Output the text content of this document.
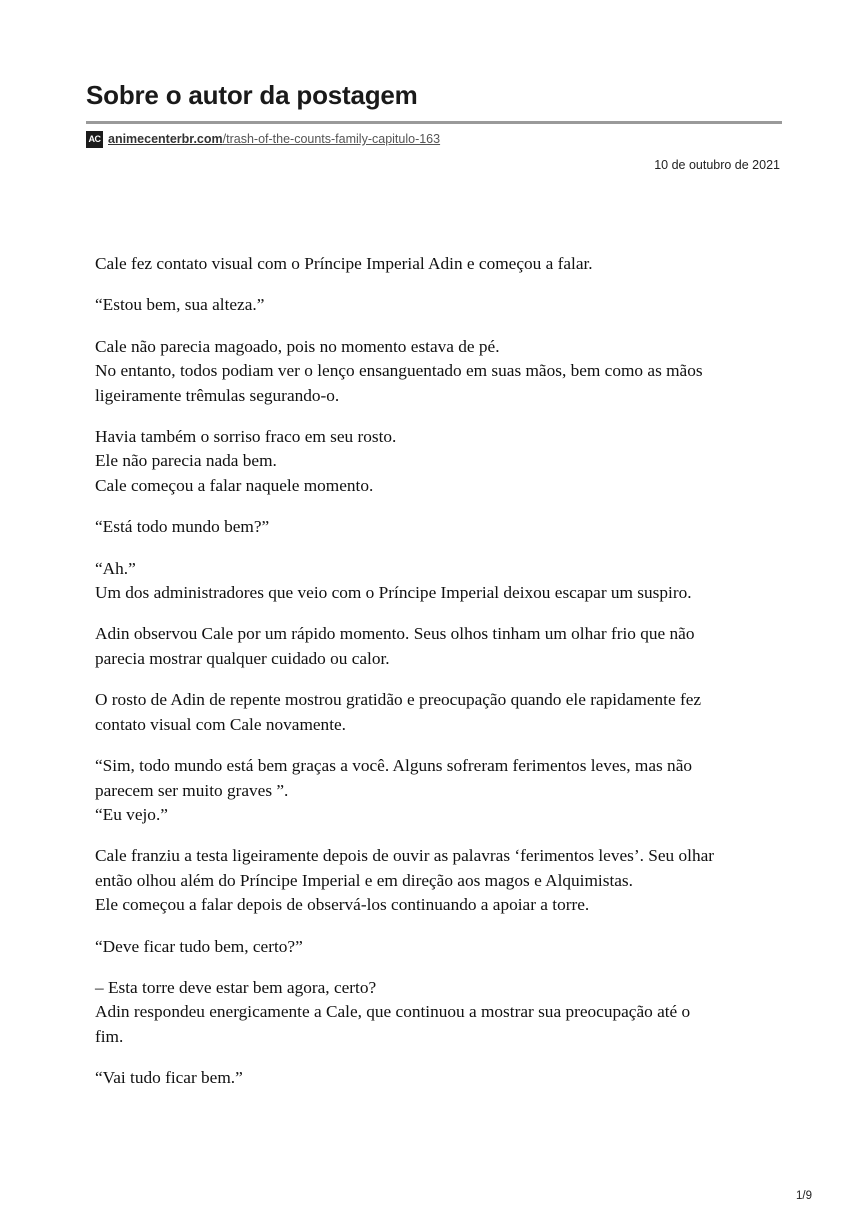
Sobre o autor da postagem
AC animecenterbr.com /trash-of-the-counts-family-capitulo-163
10 de outubro de 2021

Cale fez contato visual com o Príncipe Imperial Adin e começou a falar.

“Estou bem, sua alteza.”

Cale não parecia magoado, pois no momento estava de pé.
No entanto, todos podiam ver o lenço ensanguentado em suas mãos, bem como as mãos
ligeiramente trêmulas segurando-o.

Havia também o sorriso fraco em seu rosto.
Ele não parecia nada bem.
Cale começou a falar naquele momento.

“Está todo mundo bem?”

“Ah.”
Um dos administradores que veio com o Príncipe Imperial deixou escapar um suspiro.

Adin observou Cale por um rápido momento. Seus olhos tinham um olhar frio que não
parecia mostrar qualquer cuidado ou calor.

O rosto de Adin de repente mostrou gratidão e preocupação quando ele rapidamente fez
contato visual com Cale novamente.

“Sim, todo mundo está bem graças a você. Alguns sofreram ferimentos leves, mas não
parecem ser muito graves ”.
“Eu vejo.”

Cale franziu a testa ligeiramente depois de ouvir as palavras ‘ferimentos leves’. Seu olhar
então olhou além do Príncipe Imperial e em direção aos magos e Alquimistas.
Ele começou a falar depois de observá-los continuando a apoiar a torre.

“Deve ficar tudo bem, certo?”

– Esta torre deve estar bem agora, certo?
Adin respondeu energicamente a Cale, que continuou a mostrar sua preocupação até o
fim.

“Vai tudo ficar bem.”

1/9
